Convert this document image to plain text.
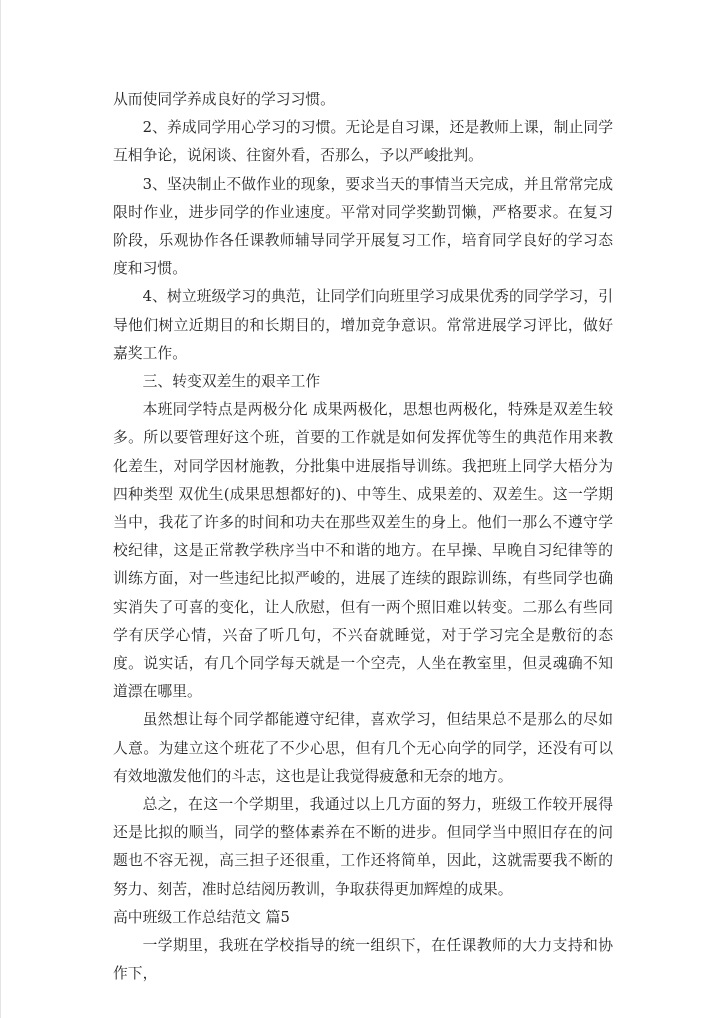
从而使同学养成良好的学习习惯。

2、养成同学用心学习的习惯。无论是自习课，还是教师上课，制止同学互相争论，说闲谈、往窗外看，否那么，予以严峻批判。

3、坚决制止不做作业的现象，要求当天的事情当天完成，并且常常完成限时作业，进步同学的作业速度。平常对同学奖勤罚懒，严格要求。在复习阶段，乐观协作各任课教师辅导同学开展复习工作，培育同学良好的学习态度和习惯。

4、树立班级学习的典范，让同学们向班里学习成果优秀的同学学习，引导他们树立近期目的和长期目的，增加竞争意识。常常进展学习评比，做好嘉奖工作。

三、转变双差生的艰辛工作

本班同学特点是两极分化 成果两极化，思想也两极化，特殊是双差生较多。所以要管理好这个班，首要的工作就是如何发挥优等生的典范作用来教化差生，对同学因材施教，分批集中进展指导训练。我把班上同学大梧分为四种类型 双优生(成果思想都好的)、中等生、成果差的、双差生。这一学期当中，我花了许多的时间和功夫在那些双差生的身上。他们一那么不遵守学校纪律，这是正常教学秩序当中不和谐的地方。在早操、早晚自习纪律等的训练方面，对一些违纪比拟严峻的，进展了连续的跟踪训练，有些同学也确实消失了可喜的变化，让人欣慰，但有一两个照旧难以转变。二那么有些同学有厌学心情，兴奋了听几句，不兴奋就睡觉，对于学习完全是敷衍的态度。说实话，有几个同学每天就是一个空壳，人坐在教室里，但灵魂确不知道漂在哪里。

虽然想让每个同学都能遵守纪律，喜欢学习，但结果总不是那么的尽如人意。为建立这个班花了不少心思，但有几个无心向学的同学，还没有可以有效地激发他们的斗志，这也是让我觉得疲惫和无奈的地方。

总之，在这一个学期里，我通过以上几方面的努力，班级工作较开展得还是比拟的顺当，同学的整体素养在不断的进步。但同学当中照旧存在的问题也不容无视，高三担子还很重，工作还将简单，因此，这就需要我不断的努力、刻苦，准时总结阅历教训，争取获得更加辉煌的成果。

高中班级工作总结范文 篇5

一学期里，我班在学校指导的统一组织下，在任课教师的大力支持和协作下，
